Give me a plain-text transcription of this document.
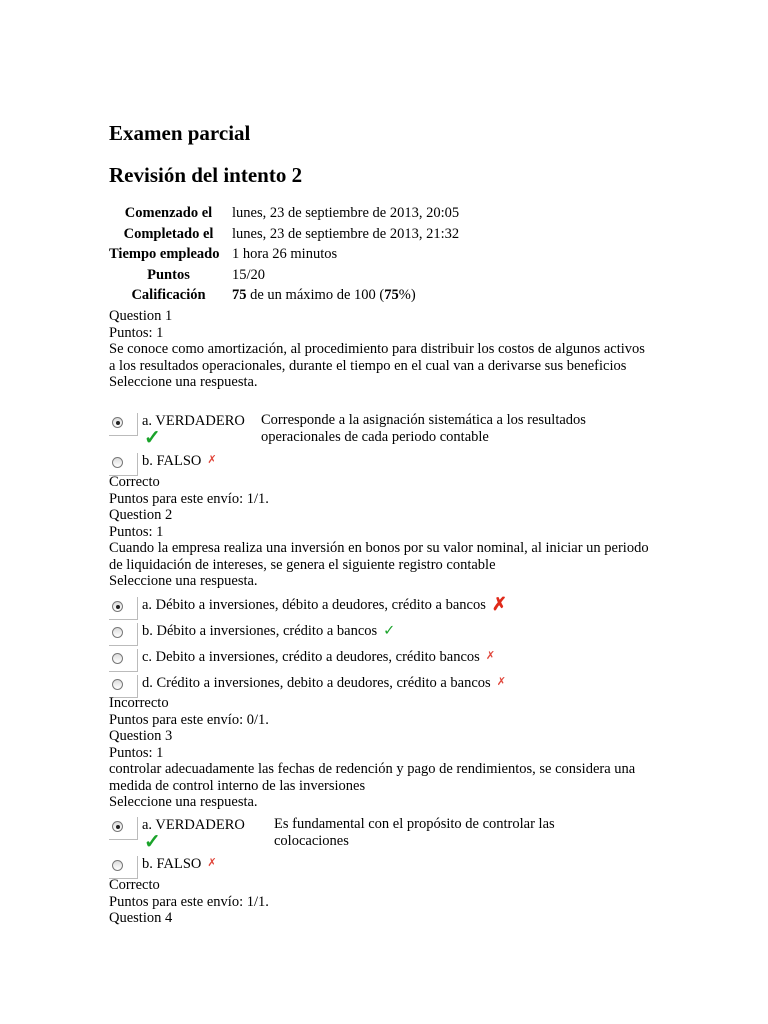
Examen parcial
Revisión del intento 2
Comenzado el	lunes, 23 de septiembre de 2013, 20:05
Completado el	lunes, 23 de septiembre de 2013, 21:32
Tiempo empleado 1 hora 26 minutos
Puntos	15/20
Calificación	75 de un máximo de 100 (75%)
Question 1
Puntos: 1
Se conoce como amortización, al procedimiento para distribuir los costos de algunos activos a los resultados operacionales, durante el tiempo en el cual van a derivarse sus beneficios
Seleccione una respuesta.
a. VERDADERO
✓
Corresponde a la asignación sistemática a los resultados operacionales de cada periodo contable
b. FALSO ✗
Correcto
Puntos para este envío: 1/1.
Question 2
Puntos: 1
Cuando la empresa realiza una inversión en bonos por su valor nominal, al iniciar un periodo de liquidación de intereses, se genera el siguiente registro contable
Seleccione una respuesta.
a. Débito a inversiones, débito a deudores, crédito a bancos ✗
b. Débito a inversiones, crédito a bancos ✓
c. Debito a inversiones, crédito a deudores, crédito bancos ✗
d. Crédito a inversiones, debito a deudores, crédito a bancos ✗
Incorrecto
Puntos para este envío: 0/1.
Question 3
Puntos: 1
controlar adecuadamente las fechas de redención y pago de rendimientos, se considera una medida de control interno de las inversiones
Seleccione una respuesta.
a. VERDADERO
✓
Es fundamental con el propósito de controlar las colocaciones
b. FALSO ✗
Correcto
Puntos para este envío: 1/1.
Question 4
